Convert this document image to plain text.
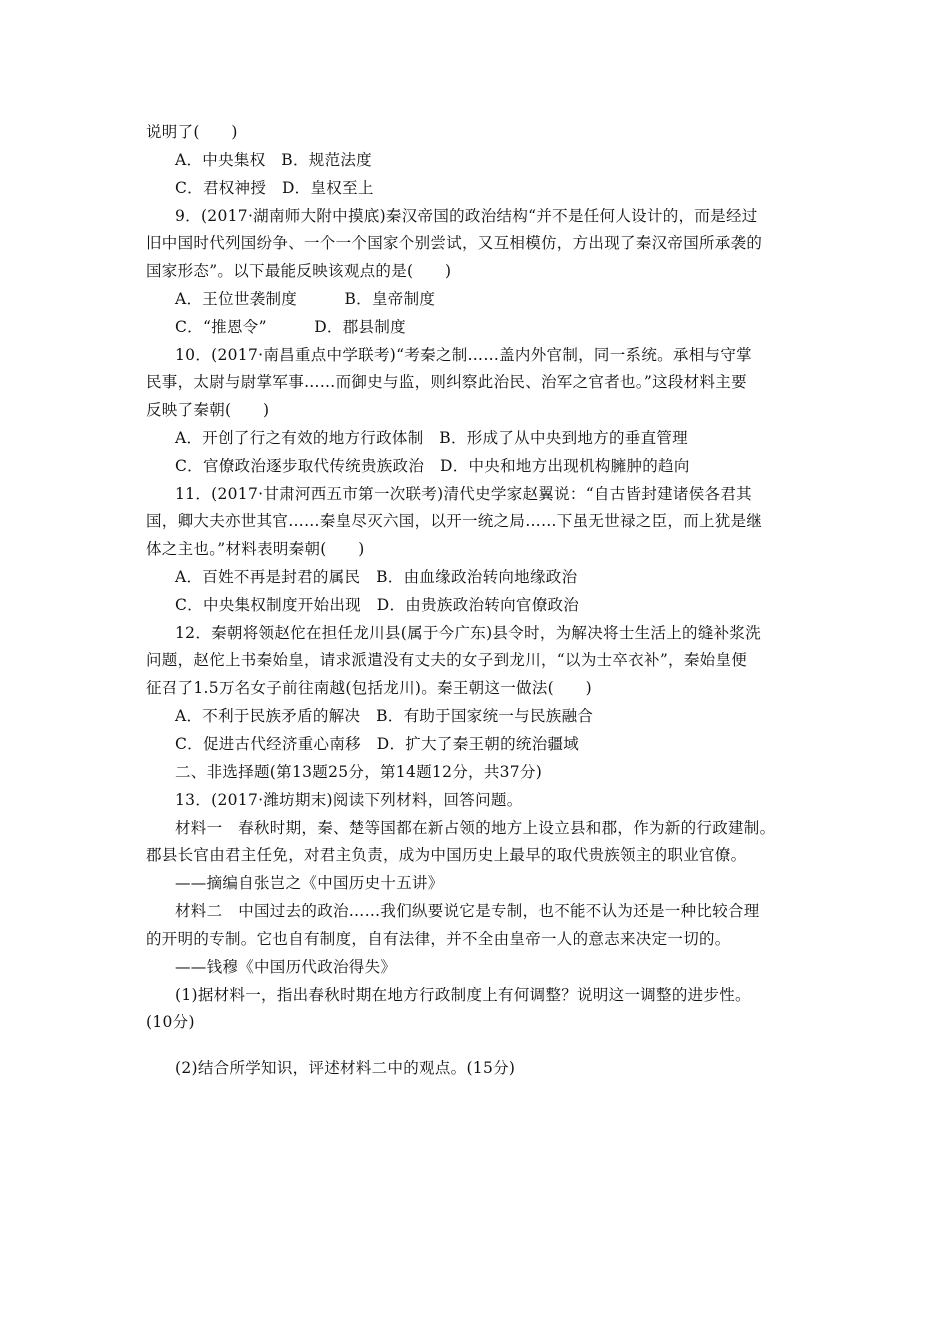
说明了(　　)
A．中央集权　B．规范法度
C．君权神授　D．皇权至上
9．(2017·湖南师大附中摸底)秦汉帝国的政治结构“并不是任何人设计的，而是经过
旧中国时代列国纷争、一个一个国家个别尝试，又互相模仿，方出现了秦汉帝国所承袭的
国家形态”。以下最能反映该观点的是(　　)
A．王位世袭制度　　　B．皇帝制度
C．“推恩令”　　　D．郡县制度
10．(2017·南昌重点中学联考)“考秦之制……盖内外官制，同一系统。承相与守掌
民事，太尉与尉掌军事……而御史与监，则纠察此治民、治军之官者也。”这段材料主要
反映了秦朝(　　)
A．开创了行之有效的地方行政体制　B．形成了从中央到地方的垂直管理
C．官僚政治逐步取代传统贵族政治　D．中央和地方出现机构臃肿的趋向
11．(2017·甘肃河西五市第一次联考)清代史学家赵翼说：“自古皆封建诸侯各君其
国，卿大夫亦世其官……秦皇尽灭六国，以开一统之局……下虽无世禄之臣，而上犹是继
体之主也。”材料表明秦朝(　　)
A．百姓不再是封君的属民　B．由血缘政治转向地缘政治
C．中央集权制度开始出现　D．由贵族政治转向官僚政治
12．秦朝将领赵佗在担任龙川县(属于今广东)县令时，为解决将士生活上的缝补浆洗
问题，赵佗上书秦始皇，请求派遣没有丈夫的女子到龙川，“以为士卒衣补”，秦始皇便
征召了1.5万名女子前往南越(包括龙川)。秦王朝这一做法(　　)
A．不利于民族矛盾的解决　B．有助于国家统一与民族融合
C．促进古代经济重心南移　D．扩大了秦王朝的统治疆域
二、非选择题(第13题25分，第14题12分，共37分)
13．(2017·潍坊期末)阅读下列材料，回答问题。
材料一　春秋时期，秦、楚等国都在新占领的地方上设立县和郡，作为新的行政建制。
郡县长官由君主任免，对君主负责，成为中国历史上最早的取代贵族领主的职业官僚。
——摘编自张岂之《中国历史十五讲》
材料二　中国过去的政治……我们纵要说它是专制，也不能不认为还是一种比较合理
的开明的专制。它也自有制度，自有法律，并不全由皇帝一人的意志来决定一切的。
——钱穆《中国历代政治得失》
(1)据材料一，指出春秋时期在地方行政制度上有何调整？说明这一调整的进步性。
(10分)
(2)结合所学知识，评述材料二中的观点。(15分)
